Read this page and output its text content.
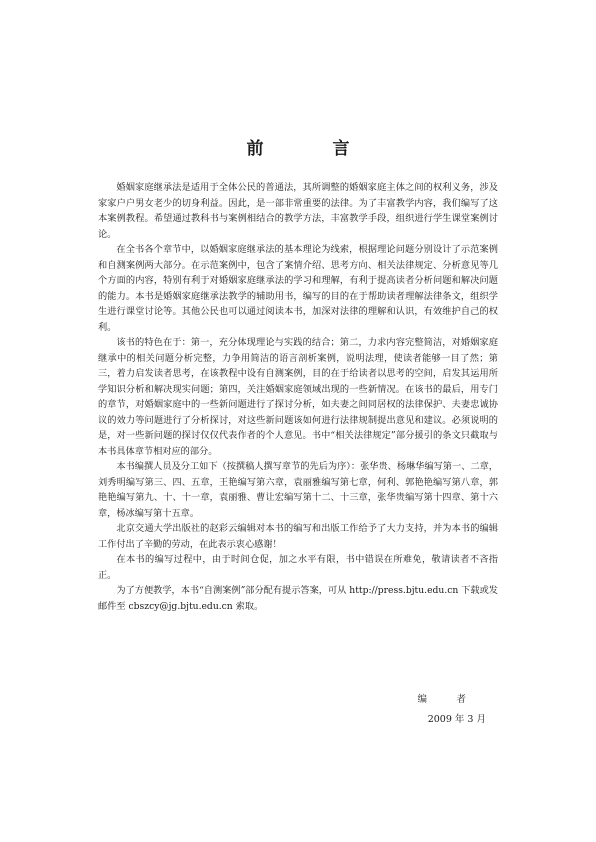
前　言

婚姻家庭继承法是适用于全体公民的普通法，其所调整的婚姻家庭主体之间的权利义务，涉及家家户户男女老少的切身利益。因此，是一部非常重要的法律。为了丰富教学内容，我们编写了这本案例教程。希望通过教科书与案例相结合的教学方法，丰富教学手段，组织进行学生课堂案例讨论。

在全书各个章节中，以婚姻家庭继承法的基本理论为线索，根据理论问题分别设计了示范案例和自测案例两大部分。在示范案例中，包含了案情介绍、思考方向、相关法律规定、分析意见等几个方面的内容，特别有利于对婚姻家庭继承法的学习和理解，有利于提高读者分析问题和解决问题的能力。本书是婚姻家庭继承法教学的辅助用书，编写的目的在于帮助读者理解法律条文，组织学生进行课堂讨论等。其他公民也可以通过阅读本书，加深对法律的理解和认识，有效维护自己的权利。

该书的特色在于：第一，充分体现理论与实践的结合；第二，力求内容完整简洁，对婚姻家庭继承中的相关问题分析完整，力争用简洁的语言剖析案例，说明法理，使读者能够一目了然；第三，着力启发读者思考，在该教程中设有自测案例，目的在于给读者以思考的空间，启发其运用所学知识分析和解决现实问题；第四，关注婚姻家庭领域出现的一些新情况。在该书的最后，用专门的章节，对婚姻家庭中的一些新问题进行了探讨分析，如夫妻之间同居权的法律保护、夫妻忠诚协议的效力等问题进行了分析探讨，对这些新问题该如何进行法律规制提出意见和建议。必须说明的是，对一些新问题的探讨仅仅代表作者的个人意见。书中“相关法律规定”部分援引的条文只截取与本书具体章节相对应的部分。

本书编撰人员及分工如下（按撰稿人撰写章节的先后为序）：张华贵、杨琳华编写第一、二章，刘秀明编写第三、四、五章，王艳编写第六章，袁丽雅编写第七章，何利、郭艳艳编写第八章，郭艳艳编写第九、十、十一章，袁丽雅、曹让宏编写第十二、十三章，张华贵编写第十四章、第十六章，杨冰编写第十五章。

北京交通大学出版社的赵彩云编辑对本书的编写和出版工作给予了大力支持，并为本书的编辑工作付出了辛勤的劳动，在此表示衷心感谢！

在本书的编写过程中，由于时间仓促，加之水平有限，书中错误在所难免，敬请读者不吝指正。

为了方便教学，本书“自测案例”部分配有提示答案，可从 http://press.bjtu.edu.cn 下载或发邮件至 cbszcy@jg.bjtu.edu.cn 索取。

编　者
2009 年 3 月
